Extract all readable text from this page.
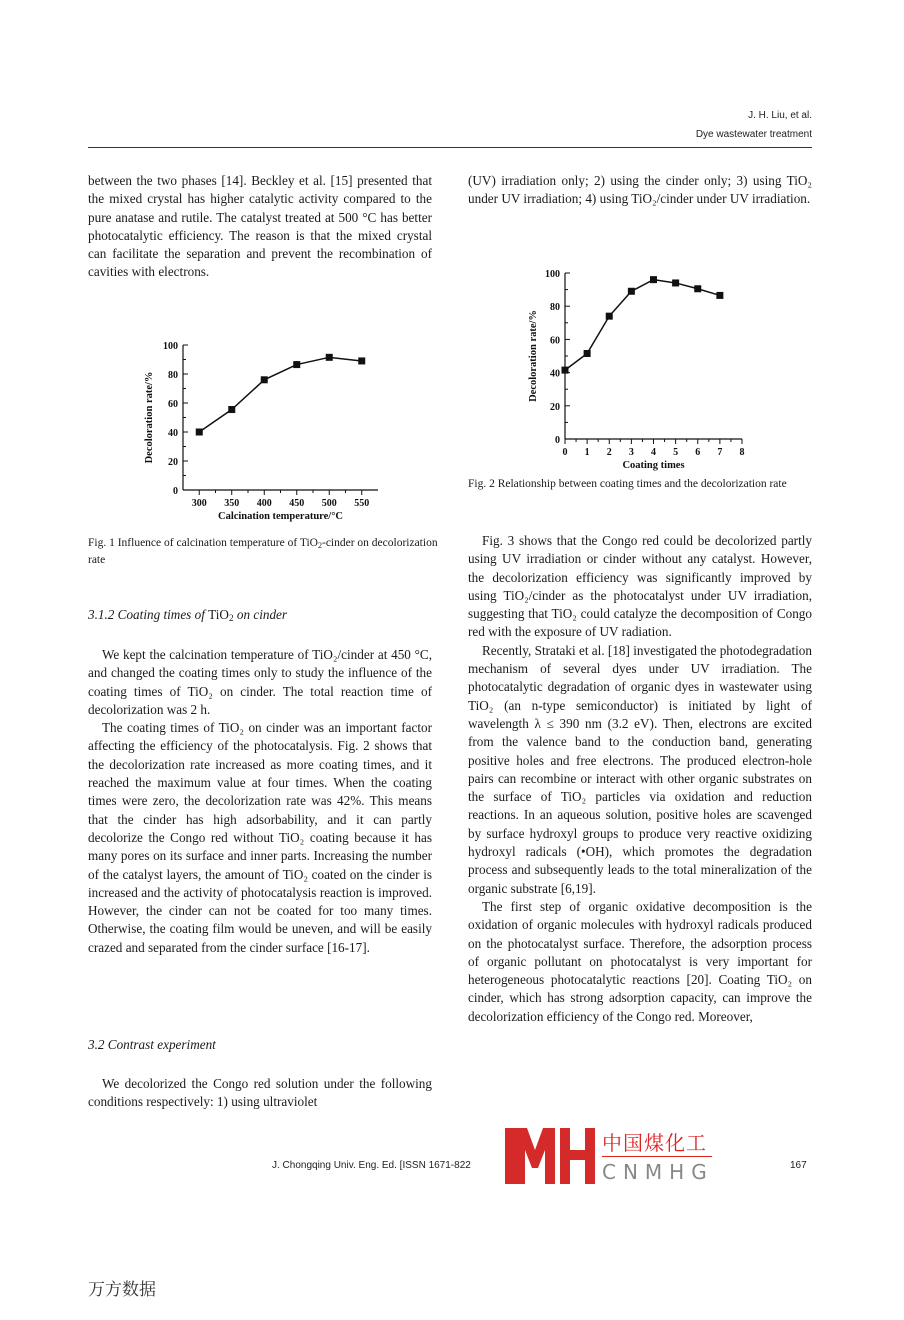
J. H. Liu, et al.
Dye wastewater treatment

between the two phases [14]. Beckley et al. [15] presented that the mixed crystal has higher catalytic activity compared to the pure anatase and rutile. The catalyst treated at 500 °C has better photocatalytic efficiency. The reason is that the mixed crystal can facilitate the separation and prevent the recombination of cavities with electrons.

0
20
40
60
80
100
300 350 400 450 500 550
Calcination temperature/°C
Decoloration rate/%
Fig. 1 Influence of calcination temperature of TiO$_2$-cinder on decolorization rate
3.1.2 Coating times of TiO$_2$ on cinder

We kept the calcination temperature of TiO₂/cinder at 450 °C, and changed the coating times only to study the influence of the coating times of TiO₂ on cinder. The total reaction time of decolorization was 2 h.

The coating times of TiO₂ on cinder was an important factor affecting the efficiency of the photocatalysis. Fig. 2 shows that the decolorization rate increased as more coating times, and it reached the maximum value at four times. When the coating times were zero, the decolorization rate was 42%. This means that the cinder has high adsorbability, and it can partly decolorize the Congo red without TiO₂ coating because it has many pores on its surface and inner parts. Increasing the number of the catalyst layers, the amount of TiO₂ coated on the cinder is increased and the activity of photocatalysis reaction is improved. However, the cinder can not be coated for too many times. Otherwise, the coating film would be uneven, and will be easily crazed and separated from the cinder surface [16-17].

3.2 Contrast experiment

We decolorized the Congo red solution under the following conditions respectively: 1) using ultraviolet

(UV) irradiation only; 2) using the cinder only; 3) using TiO₂ under UV irradiation; 4) using TiO₂/cinder under UV irradiation.

0
20
40
60
80
100
0 1 2 3 4 5 6 7 8
Coating times
Decoloration rate/%
Fig. 2 Relationship between coating times and the decolorization rate

Fig. 3 shows that the Congo red could be decolorized partly using UV irradiation or cinder without any catalyst. However, the decolorization efficiency was significantly improved by using TiO₂/cinder as the photocatalyst under UV irradiation, suggesting that TiO₂ could catalyze the decomposition of Congo red with the exposure of UV radiation.

Recently, Strataki et al. [18] investigated the photodegradation mechanism of several dyes under UV irradiation. The photocatalytic degradation of organic dyes in wastewater using TiO₂ (an n-type semiconductor) is initiated by light of wavelength λ ≤ 390 nm (3.2 eV). Then, electrons are excited from the valence band to the conduction band, generating positive holes and free electrons. The produced electron-hole pairs can recombine or interact with other organic substrates on the surface of TiO₂ particles via oxidation and reduction reactions. In an aqueous solution, positive holes are scavenged by surface hydroxyl groups to produce very reactive oxidizing hydroxyl radicals (•OH), which promotes the degradation process and subsequently leads to the total mineralization of the organic substrate [6,19].

The first step of organic oxidative decomposition is the oxidation of organic molecules with hydroxyl radicals produced on the photocatalyst surface. Therefore, the adsorption process of organic pollutant on photocatalyst is very important for heterogeneous photocatalytic reactions [20]. Coating TiO₂ on cinder, which has strong adsorption capacity, can improve the decolorization efficiency of the Congo red. Moreover,

J. Chongqing Univ. Eng. Ed. [ISSN 1671-822	167
中国煤化工
CNMHG
万方数据
